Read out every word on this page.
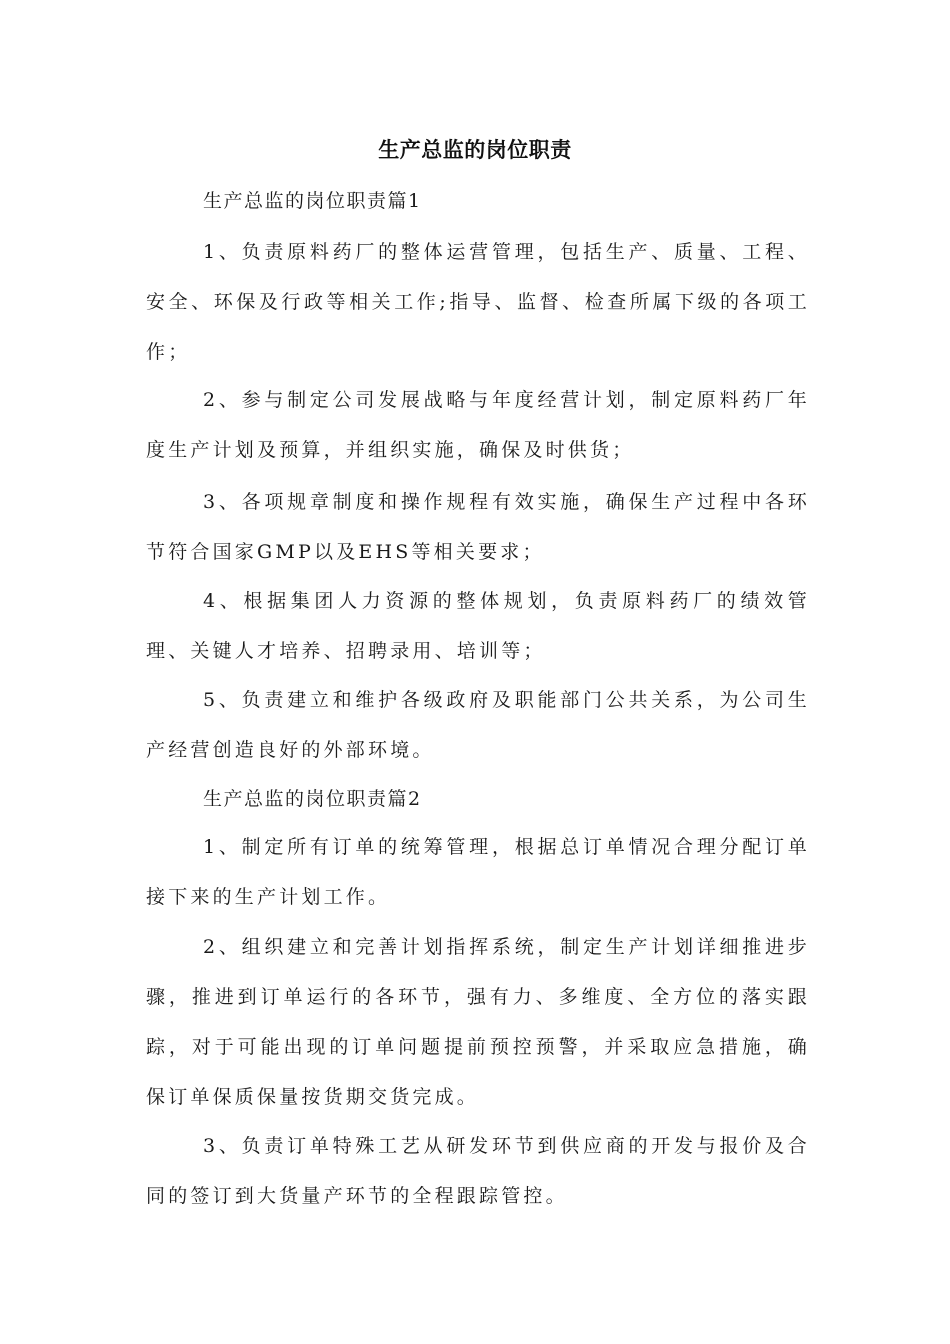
生产总监的岗位职责
生产总监的岗位职责篇1

1、负责原料药厂的整体运营管理，包括生产、质量、工程、安全、环保及行政等相关工作;指导、监督、检查所属下级的各项工作；

2、参与制定公司发展战略与年度经营计划，制定原料药厂年度生产计划及预算，并组织实施，确保及时供货；

3、各项规章制度和操作规程有效实施，确保生产过程中各环节符合国家GMP以及EHS等相关要求；

4、根据集团人力资源的整体规划，负责原料药厂的绩效管理、关键人才培养、招聘录用、培训等；

5、负责建立和维护各级政府及职能部门公共关系，为公司生产经营创造良好的外部环境。

生产总监的岗位职责篇2

1、制定所有订单的统筹管理，根据总订单情况合理分配订单接下来的生产计划工作。

2、组织建立和完善计划指挥系统，制定生产计划详细推进步骤，推进到订单运行的各环节，强有力、多维度、全方位的落实跟踪，对于可能出现的订单问题提前预控预警，并采取应急措施，确保订单保质保量按货期交货完成。

3、负责订单特殊工艺从研发环节到供应商的开发与报价及合同的签订到大货量产环节的全程跟踪管控。
